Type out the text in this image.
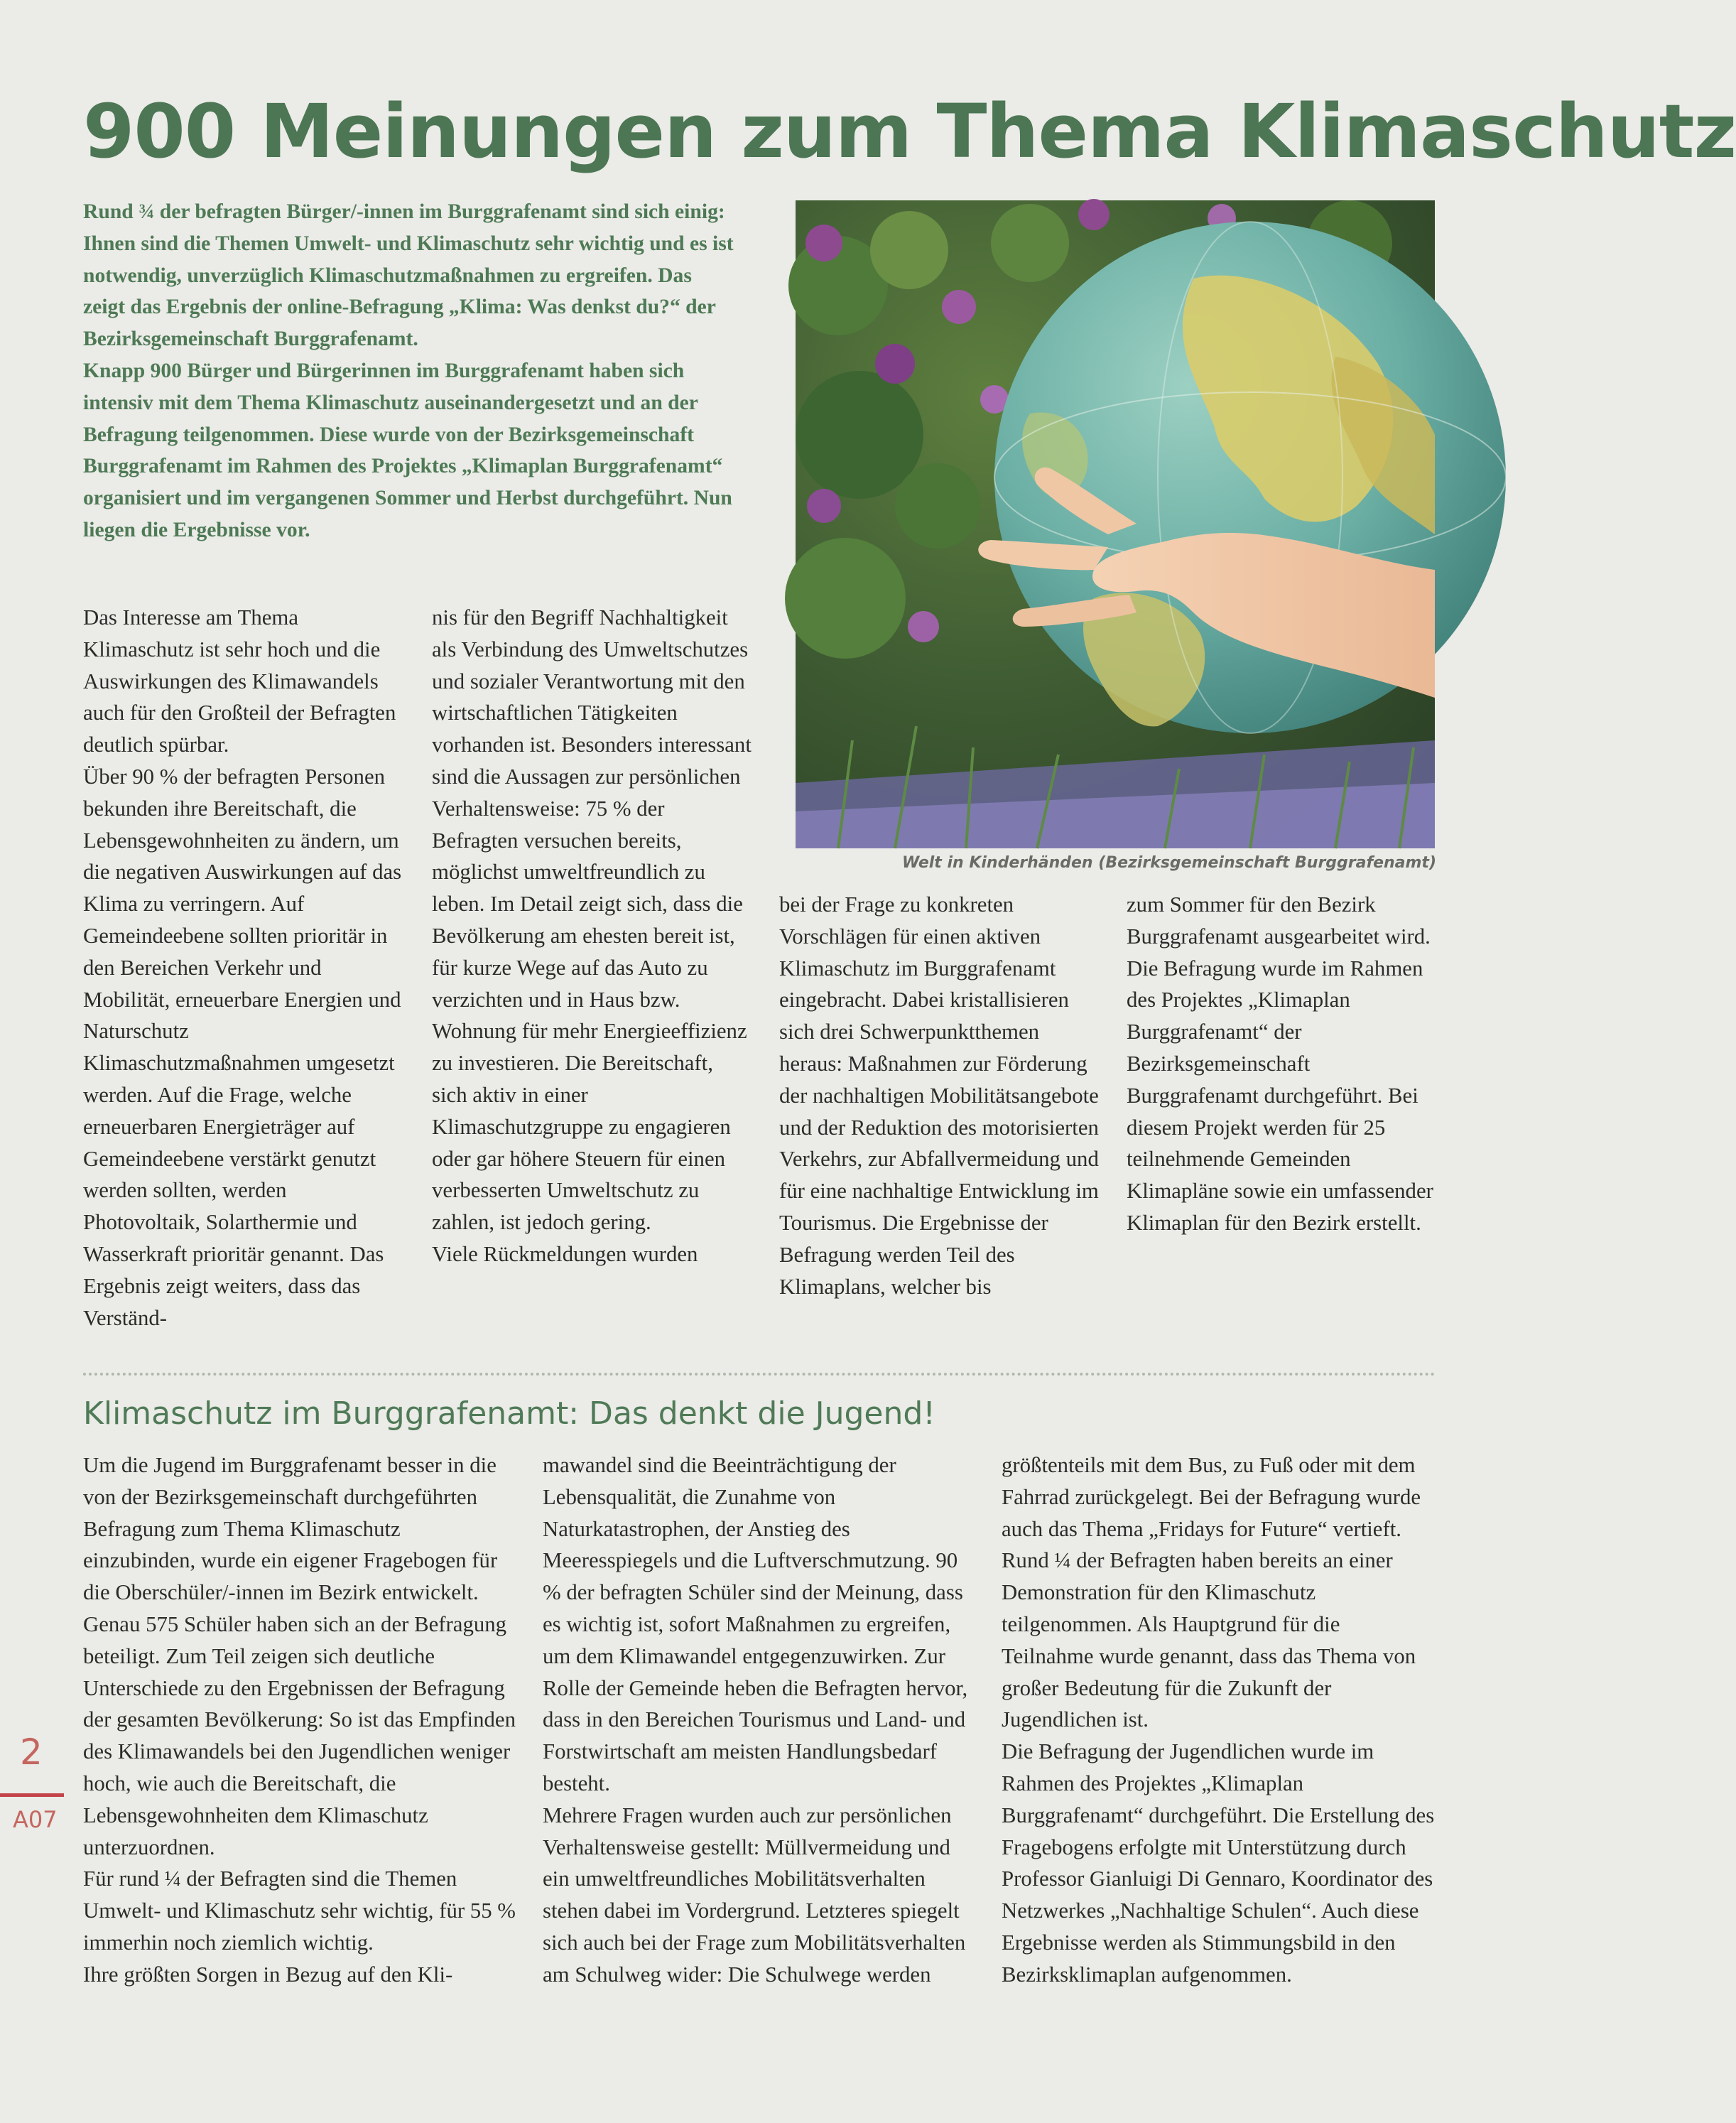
900 Meinungen zum Thema Klimaschutz

Rund ¾ der befragten Bürger/-innen im Burggrafenamt sind sich einig: Ihnen sind die Themen Umwelt- und Klimaschutz sehr wichtig und es ist notwendig, unverzüglich Klimaschutzmaßnahmen zu ergreifen. Das zeigt das Ergebnis der online-Befragung „Klima: Was denkst du?“ der Bezirksgemeinschaft Burggrafenamt.

Knapp 900 Bürger und Bürgerinnen im Burggrafenamt haben sich intensiv mit dem Thema Klimaschutz auseinandergesetzt und an der Befragung teilgenommen. Diese wurde von der Bezirksgemeinschaft Burggrafenamt im Rahmen des Projektes „Klimaplan Burggrafenamt“ organisiert und im vergangenen Sommer und Herbst durchgeführt. Nun liegen die Ergebnisse vor.

Das Interesse am Thema Klimaschutz ist sehr hoch und die Auswirkungen des Klimawandels auch für den Großteil der Befragten deutlich spürbar.

Über 90 % der befragten Personen bekunden ihre Bereitschaft, die Lebensgewohnheiten zu ändern, um die negativen Auswirkungen auf das Klima zu verringern. Auf Gemeindeebene sollten prioritär in den Bereichen Verkehr und Mobilität, erneuerbare Energien und Naturschutz Klimaschutzmaßnahmen umgesetzt werden. Auf die Frage, welche erneuerbaren Energieträger auf Gemeindeebene verstärkt genutzt werden sollten, werden Photovoltaik, Solarthermie und Wasserkraft prioritär genannt. Das Ergebnis zeigt weiters, dass das Verständ-

nis für den Begriff Nachhaltigkeit als Verbindung des Umweltschutzes und sozialer Verantwortung mit den wirtschaftlichen Tätigkeiten vorhanden ist. Besonders interessant sind die Aussagen zur persönlichen Verhaltensweise: 75 % der Befragten versuchen bereits, möglichst umweltfreundlich zu leben. Im Detail zeigt sich, dass die Bevölkerung am ehesten bereit ist, für kurze Wege auf das Auto zu verzichten und in Haus bzw. Wohnung für mehr Energieeffizienz zu investieren. Die Bereitschaft, sich aktiv in einer Klimaschutzgruppe zu engagieren oder gar höhere Steuern für einen verbesserten Umweltschutz zu zahlen, ist jedoch gering.

Viele Rückmeldungen wurden

Welt in Kinderhänden (Bezirksgemeinschaft Burggrafenamt)

bei der Frage zu konkreten Vorschlägen für einen aktiven Klimaschutz im Burggrafenamt eingebracht. Dabei kristallisieren sich drei Schwerpunktthemen heraus: Maßnahmen zur Förderung der nachhaltigen Mobilitätsangebote und der Reduktion des motorisierten Verkehrs, zur Abfallvermeidung und für eine nachhaltige Entwicklung im Tourismus. Die Ergebnisse der Befragung werden Teil des Klimaplans, welcher bis

zum Sommer für den Bezirk Burggrafenamt ausgearbeitet wird.

Die Befragung wurde im Rahmen des Projektes „Klimaplan Burggrafenamt“ der Bezirksgemeinschaft Burggrafenamt durchgeführt. Bei diesem Projekt werden für 25 teilnehmende Gemeinden Klimapläne sowie ein umfassender Klimaplan für den Bezirk erstellt.

Klimaschutz im Burggrafenamt: Das denkt die Jugend!

Um die Jugend im Burggrafenamt besser in die von der Bezirksgemeinschaft durchgeführten Befragung zum Thema Klimaschutz einzubinden, wurde ein eigener Fragebogen für die Oberschüler/-innen im Bezirk entwickelt. Genau 575 Schüler haben sich an der Befragung beteiligt. Zum Teil zeigen sich deutliche Unterschiede zu den Ergebnissen der Befragung der gesamten Bevölkerung: So ist das Empfinden des Klimawandels bei den Jugendlichen weniger hoch, wie auch die Bereitschaft, die Lebensgewohnheiten dem Klimaschutz unterzuordnen.

Für rund ¼ der Befragten sind die Themen Umwelt- und Klimaschutz sehr wichtig, für 55 % immerhin noch ziemlich wichtig.

Ihre größten Sorgen in Bezug auf den Kli-

mawandel sind die Beeinträchtigung der Lebensqualität, die Zunahme von Naturkatastrophen, der Anstieg des Meeresspiegels und die Luftverschmutzung. 90 % der befragten Schüler sind der Meinung, dass es wichtig ist, sofort Maßnahmen zu ergreifen, um dem Klimawandel entgegenzuwirken. Zur Rolle der Gemeinde heben die Befragten hervor, dass in den Bereichen Tourismus und Land- und Forstwirtschaft am meisten Handlungsbedarf besteht.

Mehrere Fragen wurden auch zur persönlichen Verhaltensweise gestellt: Müllvermeidung und ein umweltfreundliches Mobilitätsverhalten stehen dabei im Vordergrund. Letzteres spiegelt sich auch bei der Frage zum Mobilitätsverhalten am Schulweg wider: Die Schulwege werden

größtenteils mit dem Bus, zu Fuß oder mit dem Fahrrad zurückgelegt. Bei der Befragung wurde auch das Thema „Fridays for Future“ vertieft. Rund ¼ der Befragten haben bereits an einer Demonstration für den Klimaschutz teilgenommen. Als Hauptgrund für die Teilnahme wurde genannt, dass das Thema von großer Bedeutung für die Zukunft der Jugendlichen ist.

Die Befragung der Jugendlichen wurde im Rahmen des Projektes „Klimaplan Burggrafenamt“ durchgeführt. Die Erstellung des Fragebogens erfolgte mit Unterstützung durch Professor Gianluigi Di Gennaro, Koordinator des Netzwerkes „Nachhaltige Schulen“. Auch diese Ergebnisse werden als Stimmungsbild in den Bezirksklimaplan aufgenommen.

2
A07
